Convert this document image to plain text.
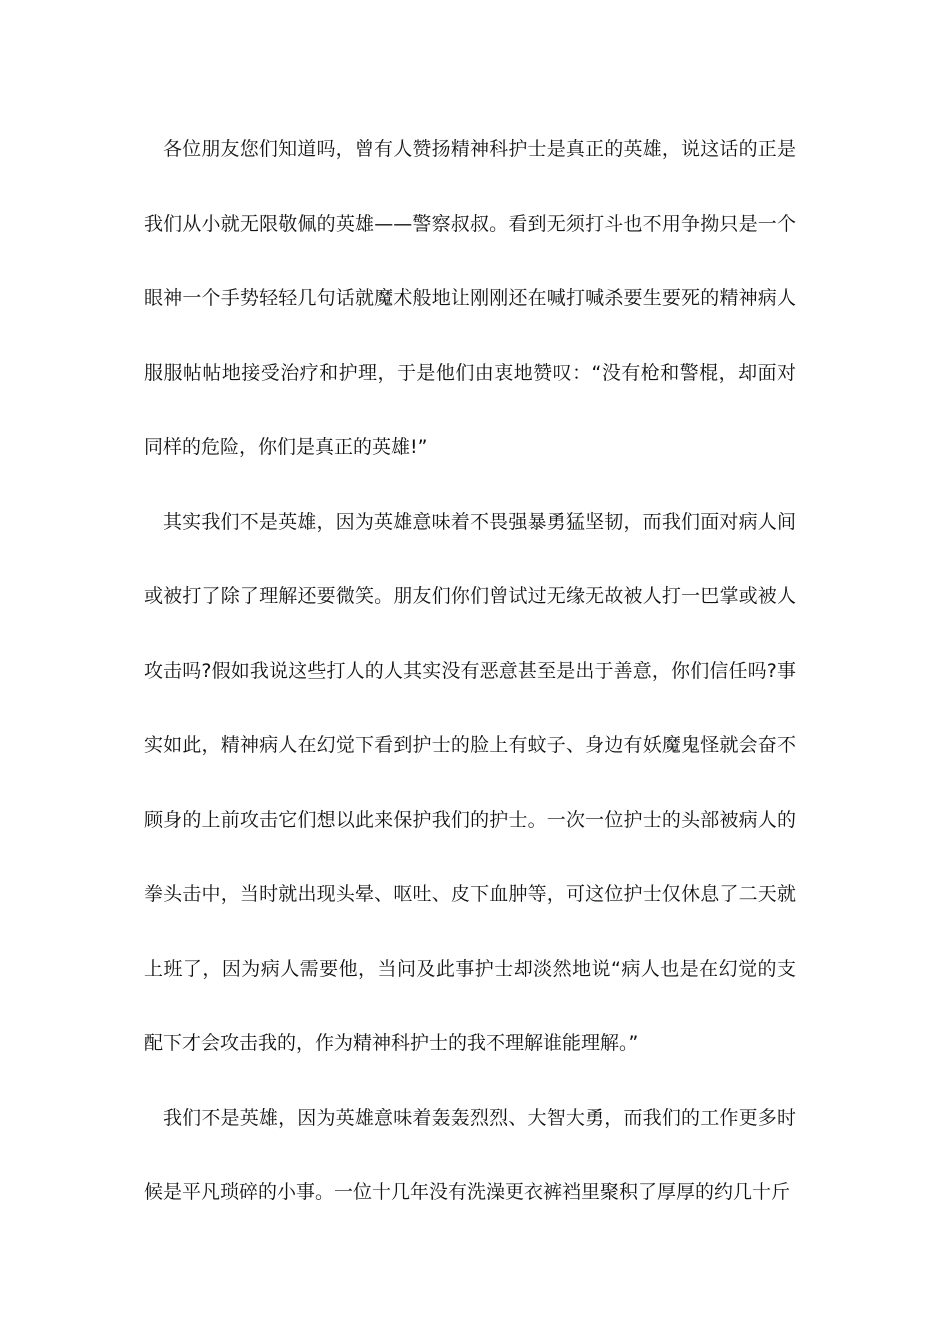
各位朋友您们知道吗，曾有人赞扬精神科护士是真正的英雄，说这话的正是我们从小就无限敬佩的英雄——警察叔叔。看到无须打斗也不用争拗只是一个眼神一个手势轻轻几句话就魔术般地让刚刚还在喊打喊杀要生要死的精神病人服服帖帖地接受治疗和护理，于是他们由衷地赞叹：“没有枪和警棍，却面对同样的危险，你们是真正的英雄!”

其实我们不是英雄，因为英雄意味着不畏强暴勇猛坚韧，而我们面对病人间或被打了除了理解还要微笑。朋友们你们曾试过无缘无故被人打一巴掌或被人攻击吗?假如我说这些打人的人其实没有恶意甚至是出于善意，你们信任吗?事实如此，精神病人在幻觉下看到护士的脸上有蚊子、身边有妖魔鬼怪就会奋不顾身的上前攻击它们想以此来保护我们的护士。一次一位护士的头部被病人的拳头击中，当时就出现头晕、呕吐、皮下血肿等，可这位护士仅休息了二天就上班了，因为病人需要他，当问及此事护士却淡然地说“病人也是在幻觉的支配下才会攻击我的，作为精神科护士的我不理解谁能理解。”

我们不是英雄，因为英雄意味着轰轰烈烈、大智大勇，而我们的工作更多时候是平凡琐碎的小事。一位十几年没有洗澡更衣裤裆里聚积了厚厚的约几十斤
